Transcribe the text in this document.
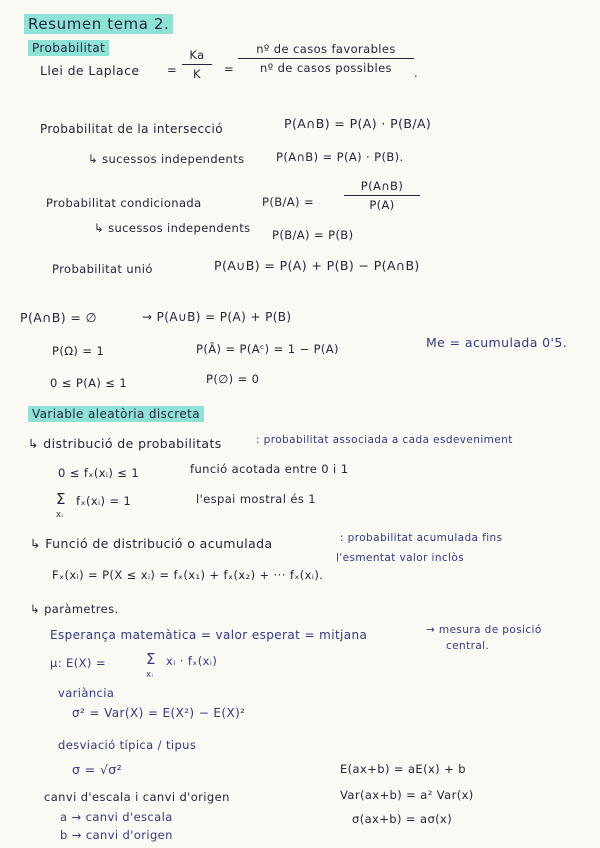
Resumen tema 2.
Probabilitat
Llei de Laplace = $\frac{Ka}{K}$ =
nº de casos favorables
nº de casos possibles	.
Probabilitat de la intersecció	P(A∩B) = P(A) · P(B/A)
↳ sucessos independents	P(A∩B) = P(A) · P(B).
Probabilitat condicionada	P(B/A) =	$\frac{P(A\cap B)}{P(A)}$
↳ sucessos independents P(B/A) = P(B)
Probabilitat unió	P(A∪B) = P(A) + P(B) − P(A∩B)
P(A∩B) = ∅	→ P(A∪B) = P(A) + P(B)
P(Ω) = 1	P(Ā) = P(Aᶜ) = 1 − P(A)	Me = acumulada 0'5.
0 ≤ P(A) ≤ 1	P(∅) = 0
Variable aleatòria discreta
↳ distribució de probabilitats	: probabilitat associada a cada esdeveniment
0 ≤ fₓ(xᵢ) ≤ 1	funció acotada entre 0 i 1
Σ
xᵢ
fₓ(xᵢ) = 1	l'espai mostral és 1
↳ Funció de distribució o acumulada	: probabilitat acumulada fins
l'esmentat valor inclòs
Fₓ(xᵢ) = P(X ≤ xᵢ) = fₓ(x₁) + fₓ(x₂) + ··· fₓ(xᵢ).
↳ paràmetres.
Esperança matemàtica = valor esperat = mitjana	→ mesura de posició
central.
μ: E(X) =	Σ
xᵢ
xᵢ · fₓ(xᵢ)
variància
σ² = Var(X) = E(X²) − E(X)²
desviació típica / tipus
σ = √σ²	E(ax+b) = aE(x) + b
canvi d'escala i canvi d'origen	Var(ax+b) = a² Var(x)
a → canvi d'escala	σ(ax+b) = aσ(x)
b → canvi d'origen
